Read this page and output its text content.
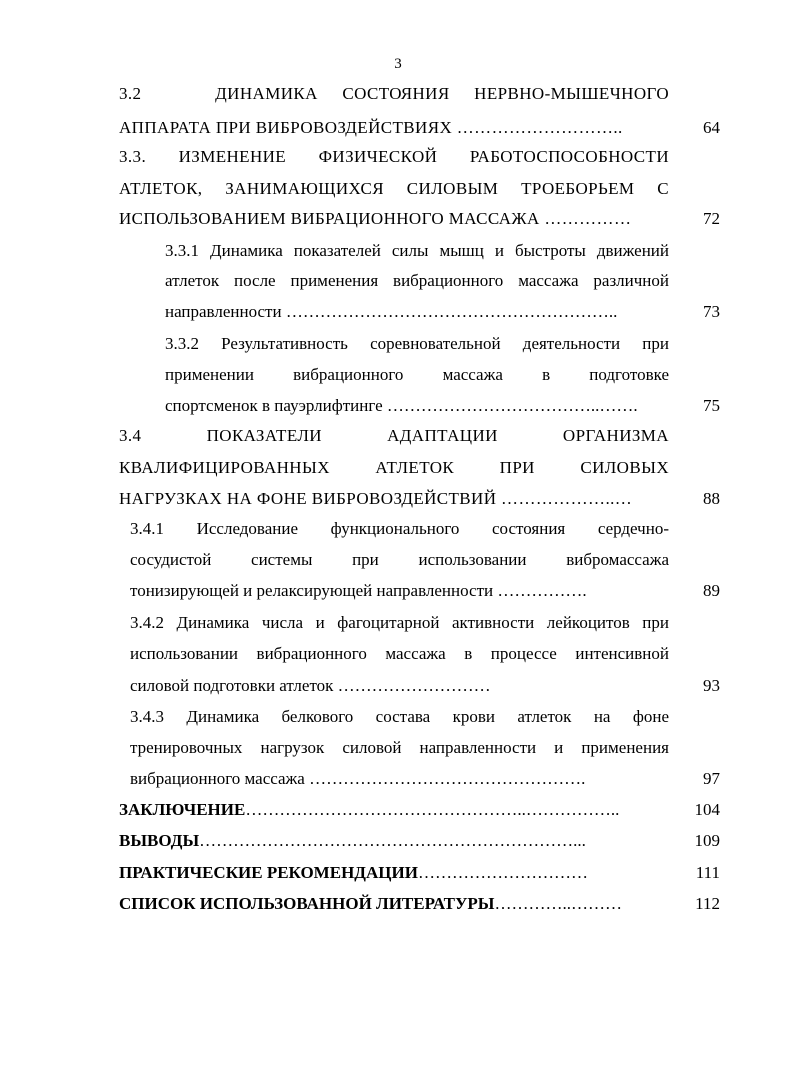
3
3.2   ДИНАМИКА СОСТОЯНИЯ НЕРВНО-МЫШЕЧНОГО
АППАРАТА ПРИ ВИБРОВОЗДЕЙСТВИЯХ ………………………..	64
3.3. ИЗМЕНЕНИЕ ФИЗИЧЕСКОЙ РАБОТОСПОСОБНОСТИ
АТЛЕТОК, ЗАНИМАЮЩИХСЯ СИЛОВЫМ ТРОЕБОРЬЕМ С
ИСПОЛЬЗОВАНИЕМ ВИБРАЦИОННОГО МАССАЖА ……………	72
3.3.1 Динамика показателей силы мышц и быстроты движений
атлеток после применения вибрационного массажа различной
направленности …………………………………………………..	73
3.3.2 Результативность соревновательной деятельности при
применении вибрационного массажа в подготовке
спортсменок в пауэрлифтинге ………………………………..…….	75
3.4 ПОКАЗАТЕЛИ АДАПТАЦИИ ОРГАНИЗМА
КВАЛИФИЦИРОВАННЫХ АТЛЕТОК ПРИ СИЛОВЫХ
НАГРУЗКАХ НА ФОНЕ ВИБРОВОЗДЕЙСТВИЙ ………………..…	88
3.4.1 Исследование функционального состояния сердечно-
сосудистой системы при использовании вибромассажа
тонизирующей и релаксирующей направленности …………….	89
3.4.2 Динамика числа и фагоцитарной активности лейкоцитов при
использовании вибрационного массажа в процессе интенсивной
силовой подготовки атлеток ………………………	93
3.4.3 Динамика белкового состава крови атлеток на фоне
тренировочных нагрузок силовой направленности и применения
вибрационного массажа ………………………………………….	97
ЗАКЛЮЧЕНИЕ…………………………………………..……………..	104
ВЫВОДЫ…………………………………………………………...	109
ПРАКТИЧЕСКИЕ РЕКОМЕНДАЦИИ…………………………	111
СПИСОК ИСПОЛЬЗОВАННОЙ ЛИТЕРАТУРЫ…………..………	112
